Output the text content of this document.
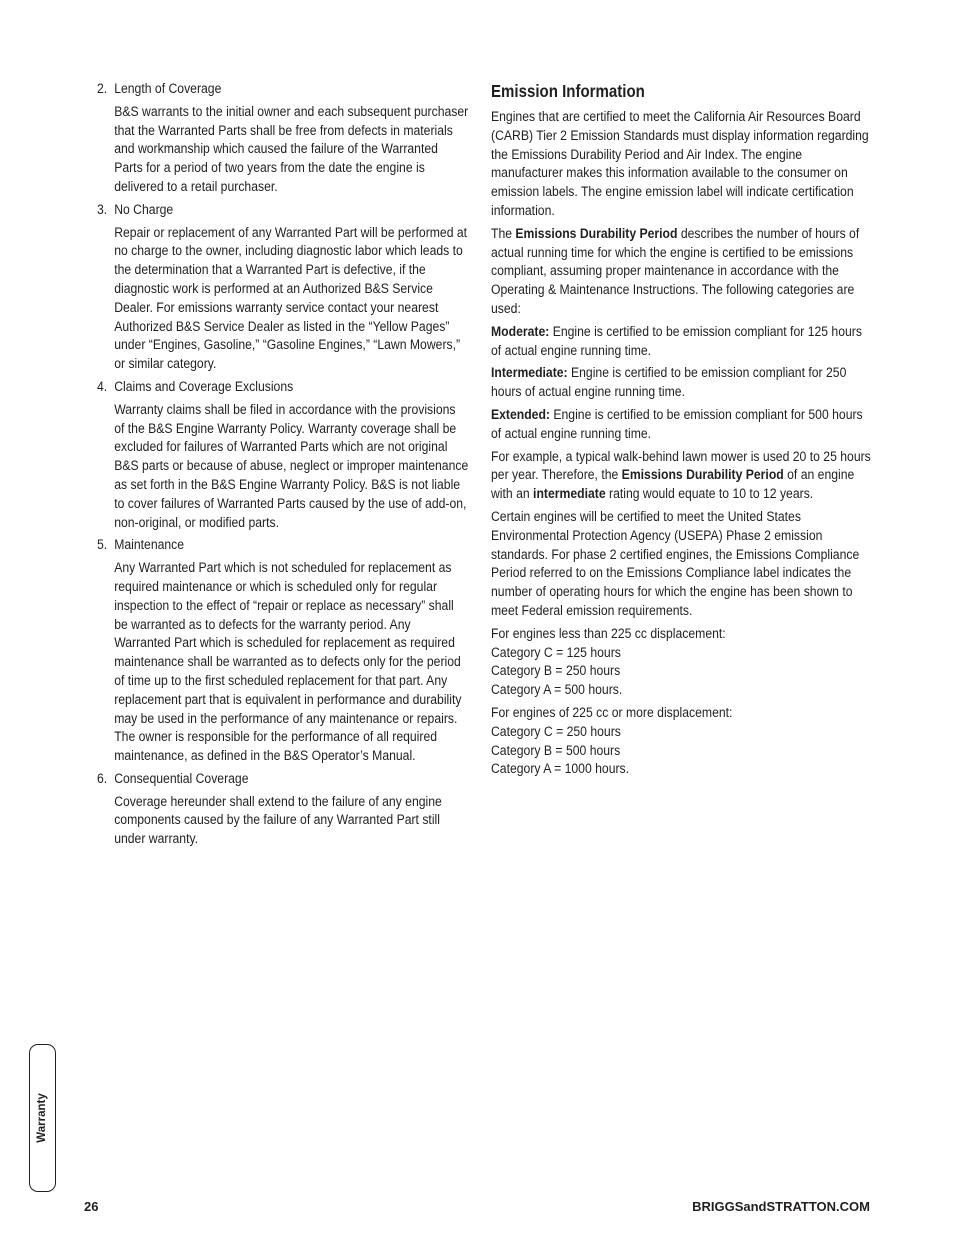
2. Length of Coverage
B&S warrants to the initial owner and each subsequent purchaser that the Warranted Parts shall be free from defects in materials and workmanship which caused the failure of the Warranted Parts for a period of two years from the date the engine is delivered to a retail purchaser.
3. No Charge
Repair or replacement of any Warranted Part will be performed at no charge to the owner, including diagnostic labor which leads to the determination that a Warranted Part is defective, if the diagnostic work is performed at an Authorized B&S Service Dealer. For emissions warranty service contact your nearest Authorized B&S Service Dealer as listed in the “Yellow Pages” under “Engines, Gasoline,” “Gasoline Engines,” “Lawn Mowers,” or similar category.
4. Claims and Coverage Exclusions
Warranty claims shall be filed in accordance with the provisions of the B&S Engine Warranty Policy. Warranty coverage shall be excluded for failures of Warranted Parts which are not original B&S parts or because of abuse, neglect or improper maintenance as set forth in the B&S Engine Warranty Policy. B&S is not liable to cover failures of Warranted Parts caused by the use of add-on, non-original, or modified parts.
5. Maintenance
Any Warranted Part which is not scheduled for replacement as required maintenance or which is scheduled only for regular inspection to the effect of “repair or replace as necessary” shall be warranted as to defects for the warranty period. Any Warranted Part which is scheduled for replacement as required maintenance shall be warranted as to defects only for the period of time up to the first scheduled replacement for that part. Any replacement part that is equivalent in performance and durability may be used in the performance of any maintenance or repairs. The owner is responsible for the performance of all required maintenance, as defined in the B&S Operator’s Manual.
6. Consequential Coverage
Coverage hereunder shall extend to the failure of any engine components caused by the failure of any Warranted Part still under warranty.
Emission Information

Engines that are certified to meet the California Air Resources Board (CARB) Tier 2 Emission Standards must display information regarding the Emissions Durability Period and Air Index. The engine manufacturer makes this information available to the consumer on emission labels. The engine emission label will indicate certification information.

The Emissions Durability Period describes the number of hours of actual running time for which the engine is certified to be emissions compliant, assuming proper maintenance in accordance with the Operating & Maintenance Instructions. The following categories are used:

Moderate: Engine is certified to be emission compliant for 125 hours of actual engine running time.

Intermediate: Engine is certified to be emission compliant for 250 hours of actual engine running time.

Extended: Engine is certified to be emission compliant for 500 hours of actual engine running time.

For example, a typical walk-behind lawn mower is used 20 to 25 hours per year. Therefore, the Emissions Durability Period of an engine with an intermediate rating would equate to 10 to 12 years.

Certain engines will be certified to meet the United States Environmental Protection Agency (USEPA) Phase 2 emission standards. For phase 2 certified engines, the Emissions Compliance Period referred to on the Emissions Compliance label indicates the number of operating hours for which the engine has been shown to meet Federal emission requirements.

For engines less than 225 cc displacement:
Category C = 125 hours
Category B = 250 hours
Category A = 500 hours.

For engines of 225 cc or more displacement:
Category C = 250 hours
Category B = 500 hours
Category A = 1000 hours.

Warranty
26	BRIGGSandSTRATTON.COM
